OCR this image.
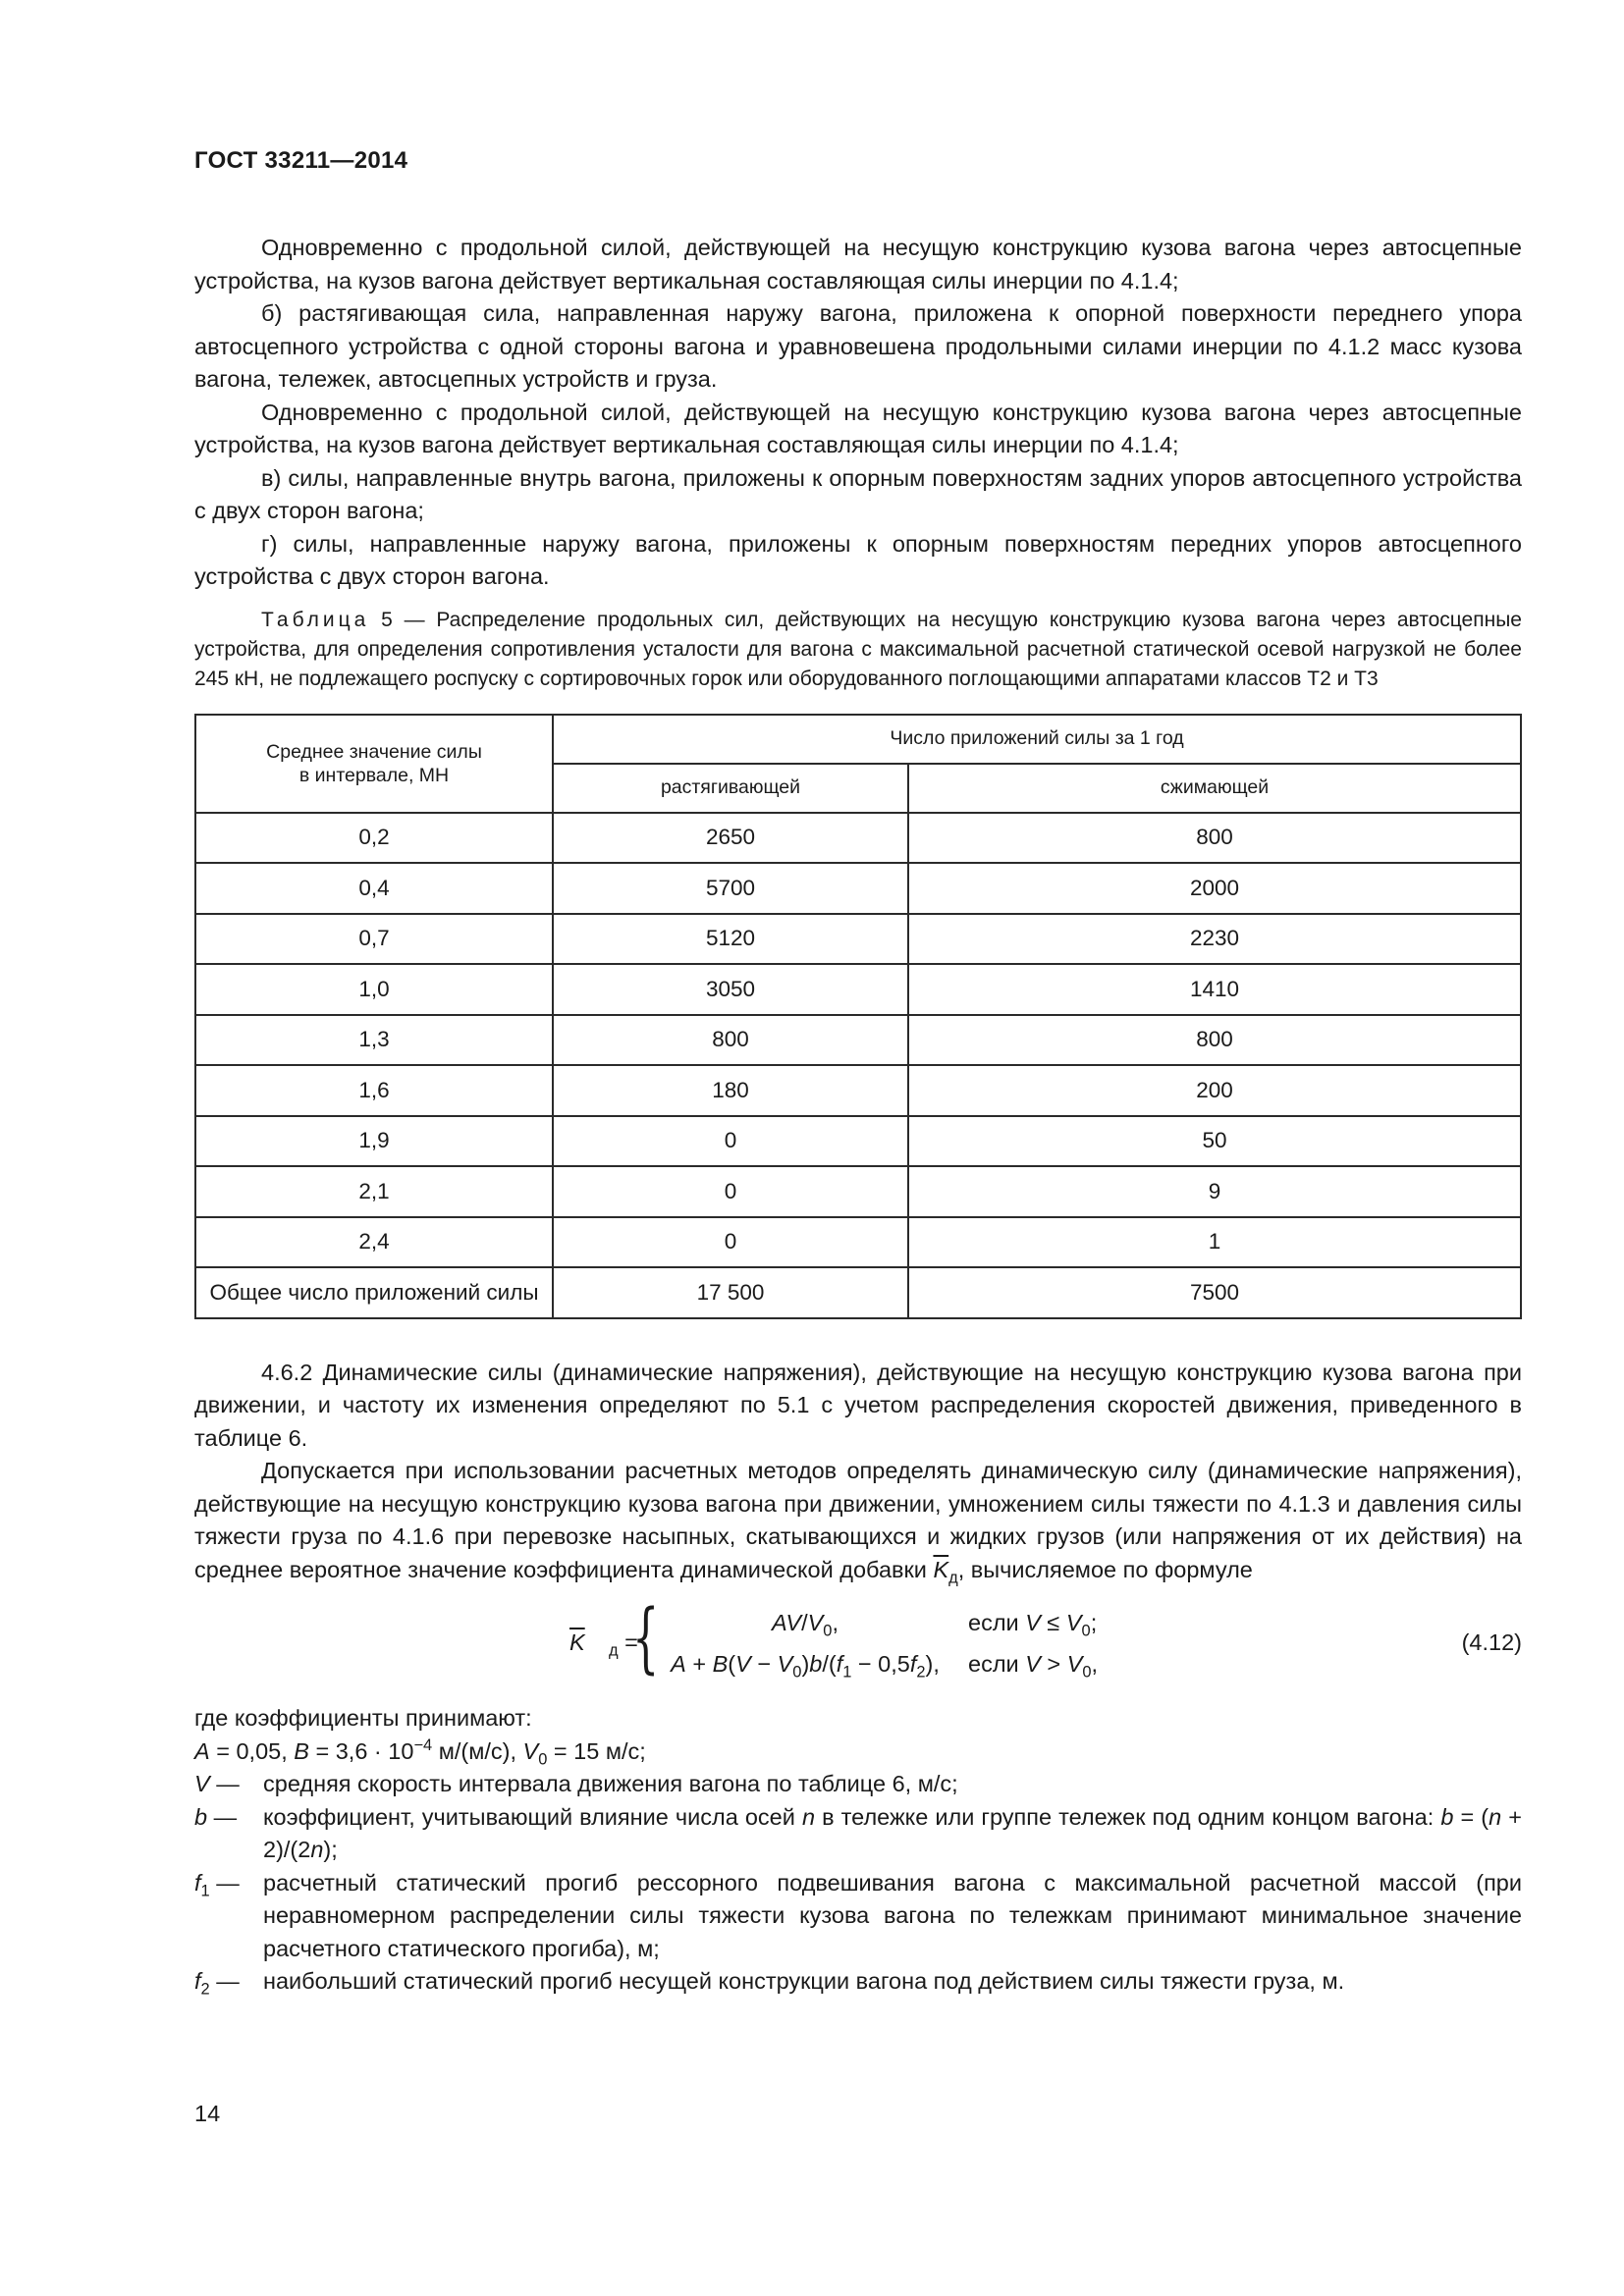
ГОСТ 33211—2014

Одновременно с продольной силой, действующей на несущую конструкцию кузова вагона через автосцепные устройства, на кузов вагона действует вертикальная составляющая силы инерции по 4.1.4;

б) растягивающая сила, направленная наружу вагона, приложена к опорной поверхности переднего упора автосцепного устройства с одной стороны вагона и уравновешена продольными силами инерции по 4.1.2 масс кузова вагона, тележек, автосцепных устройств и груза.

Одновременно с продольной силой, действующей на несущую конструкцию кузова вагона через автосцепные устройства, на кузов вагона действует вертикальная составляющая силы инерции по 4.1.4;

в) силы, направленные внутрь вагона, приложены к опорным поверхностям задних упоров автосцепного устройства с двух сторон вагона;

г) силы, направленные наружу вагона, приложены к опорным поверхностям передних упоров автосцепного устройства с двух сторон вагона.

Таблица 5 — Распределение продольных сил, действующих на несущую конструкцию кузова вагона через автосцепные устройства, для определения сопротивления усталости для вагона с максимальной расчетной статической осевой нагрузкой не более 245 кН, не подлежащего роспуску с сортировочных горок или оборудованного поглощающими аппаратами классов Т2 и Т3
Среднее значение силы в интервале, МН	Число приложений силы за 1 год	
	растягивающей	сжимающей
0,2	2650	800
0,4	5700	2000
0,7	5120	2230
1,0	3050	1410
1,3	800	800
1,6	180	200
1,9	0	50
2,1	0	9
2,4	0	1
Общее число приложений силы	17 500	7500

4.6.2 Динамические силы (динамические напряжения), действующие на несущую конструкцию кузова вагона при движении, и частоту их изменения определяют по 5.1 с учетом распределения скоростей движения, приведенного в таблице 6.

Допускается при использовании расчетных методов определять динамическую силу (динамические напряжения), действующие на несущую конструкцию кузова вагона при движении, умножением силы тяжести по 4.1.3 и давления силы тяжести груза по 4.1.6 при перевозке насыпных, скатывающихся и жидких грузов (или напряжения от их действия) на среднее вероятное значение коэффициента динамической добавки $\overline{K}_д$, вычисляемое по формуле

$\overline{K}$ $_д$ =
{	$AV/V_0$,	если $V \le V_0$;
$A + B(V - V_0)b/(f_1 - 0,5f_2)$,	если $V > V_0$,
(4.12)

где коэффициенты принимают:

A = 0,05, $B = 3,6 \cdot 10^{-4}$ м/(м/с), $V_0 = 15$ м/с;

V —	средняя скорость интервала движения вагона по таблице 6, м/с;
b —	коэффициент, учитывающий влияние числа осей n в тележке или группе тележек под одним концом вагона: b = (n + 2)/(2n);
$f_1$ —	расчетный статический прогиб рессорного подвешивания вагона с максимальной расчетной массой (при неравномерном распределении силы тяжести кузова вагона по тележкам принимают минимальное значение расчетного статического прогиба), м;
$f_2$ —	наибольший статический прогиб несущей конструкции вагона под действием силы тяжести груза, м.
14
